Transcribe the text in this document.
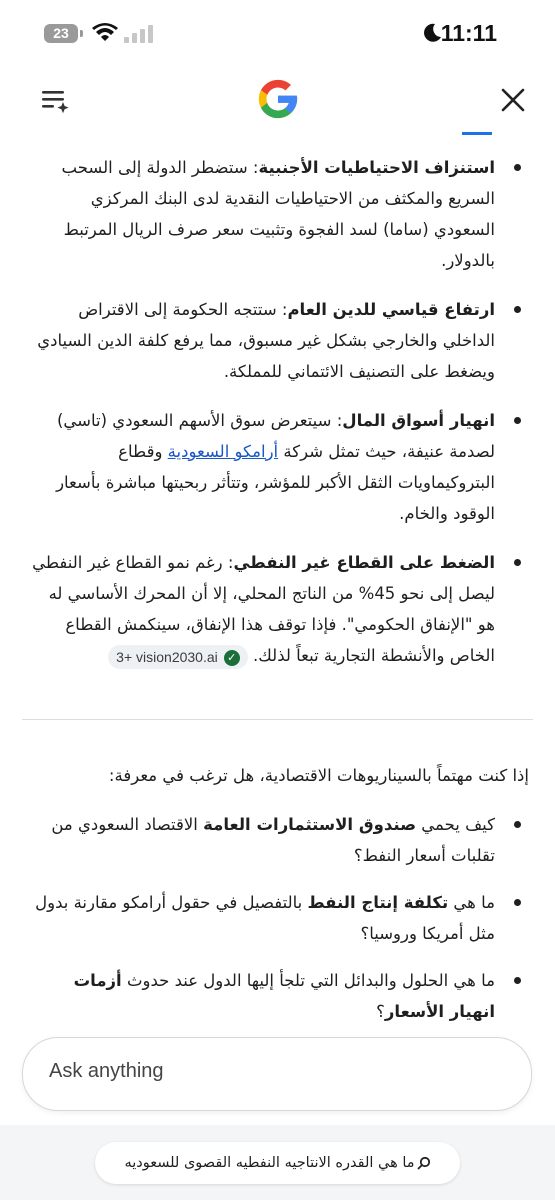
23	11:11
استنزاف الاحتياطيات الأجنبية: ستضطر الدولة إلى السحب السريع والمكثف من الاحتياطيات النقدية لدى البنك المركزي السعودي (ساما) لسد الفجوة وتثبيت سعر صرف الريال المرتبط بالدولار.
ارتفاع قياسي للدين العام: ستتجه الحكومة إلى الاقتراض الداخلي والخارجي بشكل غير مسبوق، مما يرفع كلفة الدين السيادي ويضغط على التصنيف الائتماني للمملكة.
انهيار أسواق المال: سيتعرض سوق الأسهم السعودي (تاسي) لصدمة عنيفة، حيث تمثل شركة أرامكو السعودية وقطاع البتروكيماويات الثقل الأكبر للمؤشر، وتتأثر ربحيتها مباشرة بأسعار الوقود والخام.
الضغط على القطاع غير النفطي: رغم نمو القطاع غير النفطي ليصل إلى نحو 45% من الناتج المحلي، إلا أن المحرك الأساسي له هو "الإنفاق الحكومي". فإذا توقف هذا الإنفاق، سينكمش القطاع الخاص والأنشطة التجارية تبعاً لذلك. 3+ vision2030.ai ✓
إذا كنت مهتماً بالسيناريوهات الاقتصادية، هل ترغب في معرفة:
كيف يحمي صندوق الاستثمارات العامة الاقتصاد السعودي من تقلبات أسعار النفط؟
ما هي تكلفة إنتاج النفط بالتفصيل في حقول أرامكو مقارنة بدول مثل أمريكا وروسيا؟
ما هي الحلول والبدائل التي تلجأ إليها الدول عند حدوث أزمات انهيار الأسعار؟
Ask anything
ما هي القدره الانتاجيه النفطيه القصوى للسعوديه
